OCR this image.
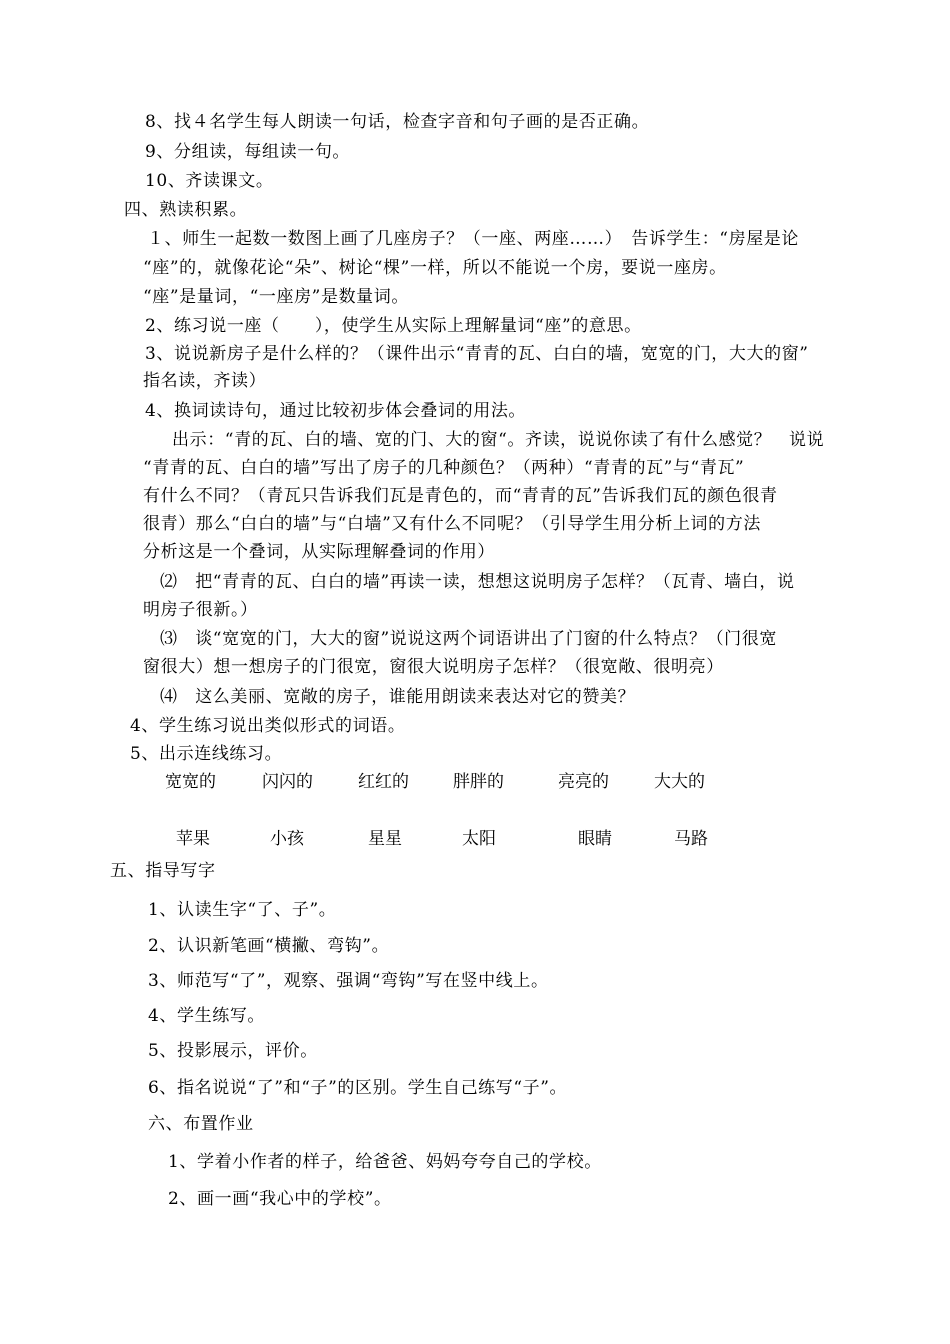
8、找４名学生每人朗读一句话，检查字音和句子画的是否正确。
9、分组读，每组读一句。
10、齐读课文。
四、熟读积累。
１、师生一起数一数图上画了几座房子？（一座、两座……）　告诉学生：“房屋是论
“座”的，就像花论“朵”、树论“棵”一样，所以不能说一个房，要说一座房。
“座”是量词，“一座房”是数量词。
2、练习说一座（　　），使学生从实际上理解量词“座”的意思。
3、说说新房子是什么样的？（课件出示“青青的瓦、白白的墙，宽宽的门，大大的窗”
指名读，齐读）
4、换词读诗句，通过比较初步体会叠词的用法。
出示：“青的瓦、白的墙、宽的门、大的窗“。齐读，说说你读了有什么感觉？　说说
“青青的瓦、白白的墙”写出了房子的几种颜色？（两种）“青青的瓦”与“青瓦”
有什么不同？（青瓦只告诉我们瓦是青色的，而“青青的瓦”告诉我们瓦的颜色很青
很青）那么“白白的墙”与“白墙”又有什么不同呢？（引导学生用分析上词的方法
分析这是一个叠词，从实际理解叠词的作用）
⑵　把“青青的瓦、白白的墙”再读一读，想想这说明房子怎样？（瓦青、墙白，说
明房子很新。）
⑶　谈“宽宽的门，大大的窗”说说这两个词语讲出了门窗的什么特点？（门很宽
窗很大）想一想房子的门很宽，窗很大说明房子怎样？（很宽敞、很明亮）
⑷　这么美丽、宽敞的房子，谁能用朗读来表达对它的赞美？
4、学生练习说出类似形式的词语。
5、出示连线练习。
宽宽的	闪闪的	红红的	胖胖的	亮亮的	大大的
苹果	小孩	星星	太阳	眼睛	马路
五、指导写字
1、认读生字“了、子”。
2、认识新笔画“横撇、弯钩”。
3、师范写“了”，观察、强调“弯钩”写在竖中线上。
4、学生练写。
5、投影展示，评价。
6、指名说说“了”和“子”的区别。学生自己练写“子”。
六、布置作业
1、学着小作者的样子，给爸爸、妈妈夸夸自己的学校。
2、画一画“我心中的学校”。
